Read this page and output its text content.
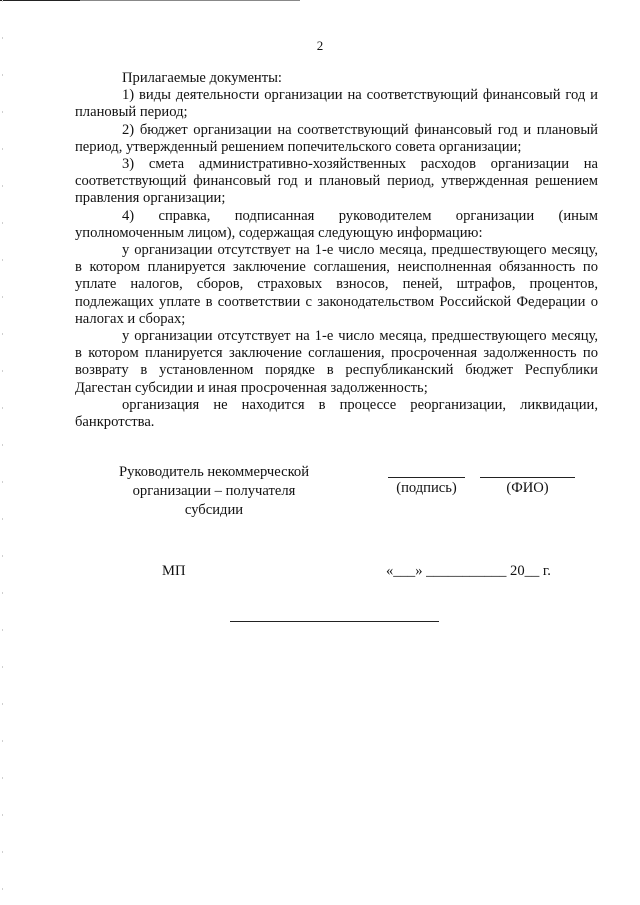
2
Прилагаемые документы:

1) виды деятельности организации на соответствующий финансовый год и плановый период;

2) бюджет организации на соответствующий финансовый год и плановый период, утвержденный решением попечительского совета организации;

3) смета административно-хозяйственных расходов организации на соответствующий финансовый год и плановый период, утвержденная решением правления организации;

4) справка, подписанная руководителем организации (иным уполномоченным лицом), содержащая следующую информацию:

у организации отсутствует на 1-е число месяца, предшествующего месяцу, в котором планируется заключение соглашения, неисполненная обязанность по уплате налогов, сборов, страховых взносов, пеней, штрафов, процентов, подлежащих уплате в соответствии с законодательством Российской Федерации о налогах и сборах;

у организации отсутствует на 1-е число месяца, предшествующего месяцу, в котором планируется заключение соглашения, просроченная задолженность по возврату в установленном порядке в республиканский бюджет Республики Дагестан субсидии и иная просроченная задолженность;

организация не находится в процессе реорганизации, ликвидации, банкротства.

Руководитель некоммерческой
организации – получателя
субсидии
(подпись)	(ФИО)
МП	«___» ___________ 20__ г.
